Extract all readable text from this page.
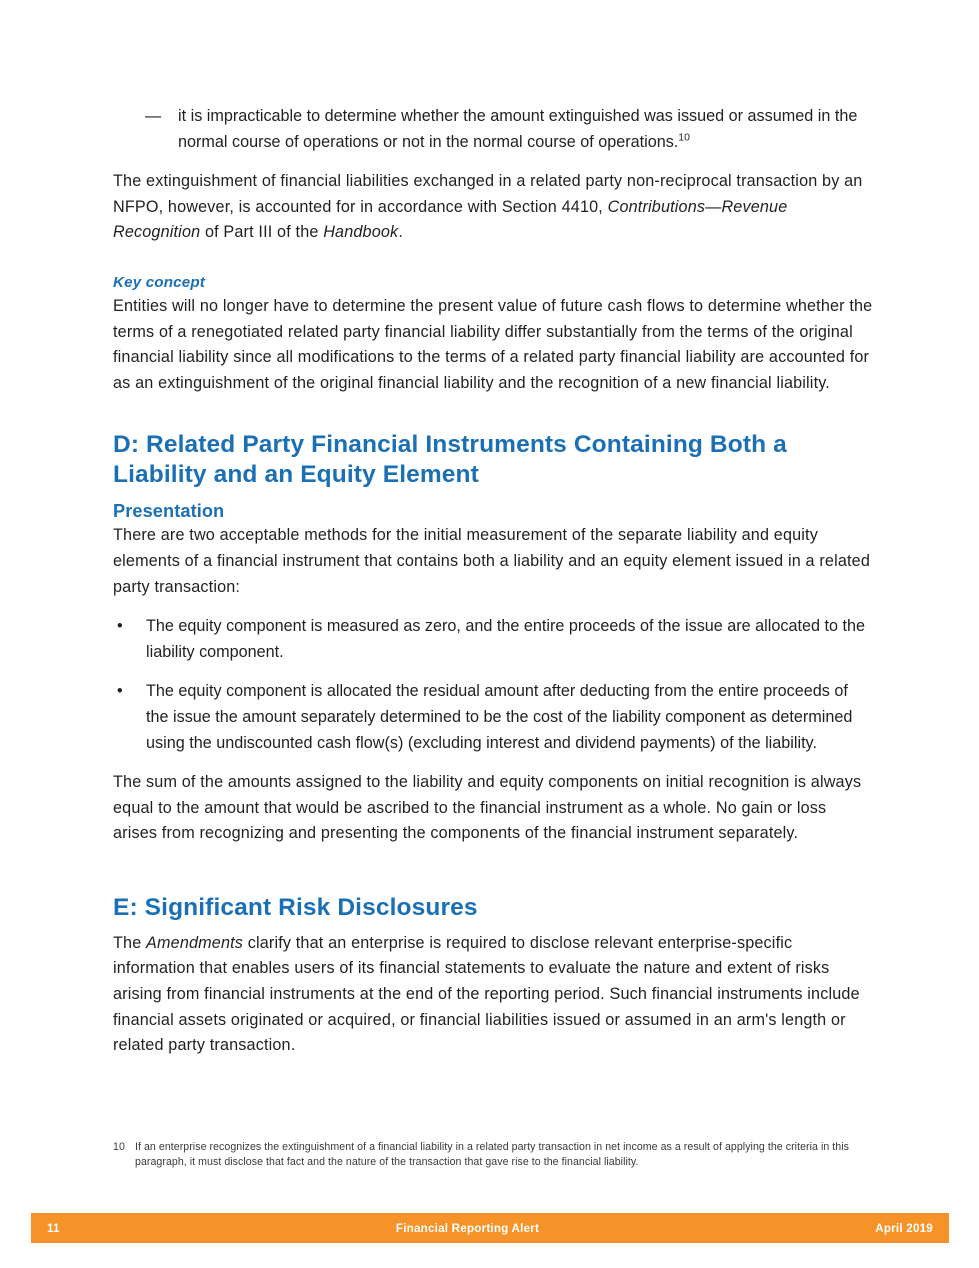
— it is impracticable to determine whether the amount extinguished was issued or assumed in the normal course of operations or not in the normal course of operations.$^{10}$

The extinguishment of financial liabilities exchanged in a related party non-reciprocal transaction by an NFPO, however, is accounted for in accordance with Section 4410, Contributions—Revenue Recognition of Part III of the Handbook.

Key concept

Entities will no longer have to determine the present value of future cash flows to determine whether the terms of a renegotiated related party financial liability differ substantially from the terms of the original financial liability since all modifications to the terms of a related party financial liability are accounted for as an extinguishment of the original financial liability and the recognition of a new financial liability.

D: Related Party Financial Instruments Containing Both a Liability and an Equity Element
Presentation

There are two acceptable methods for the initial measurement of the separate liability and equity elements of a financial instrument that contains both a liability and an equity element issued in a related party transaction:

• The equity component is measured as zero, and the entire proceeds of the issue are allocated to the liability component.
• The equity component is allocated the residual amount after deducting from the entire proceeds of the issue the amount separately determined to be the cost of the liability component as determined using the undiscounted cash flow(s) (excluding interest and dividend payments) of the liability.

The sum of the amounts assigned to the liability and equity components on initial recognition is always equal to the amount that would be ascribed to the financial instrument as a whole. No gain or loss arises from recognizing and presenting the components of the financial instrument separately.

E: Significant Risk Disclosures

The Amendments clarify that an enterprise is required to disclose relevant enterprise-specific information that enables users of its financial statements to evaluate the nature and extent of risks arising from financial instruments at the end of the reporting period. Such financial instruments include financial assets originated or acquired, or financial liabilities issued or assumed in an arm's length or related party transaction.

10 If an enterprise recognizes the extinguishment of a financial liability in a related party transaction in net income as a result of applying the criteria in this paragraph, it must disclose that fact and the nature of the transaction that gave rise to the financial liability.
11	Financial Reporting Alert	April 2019
